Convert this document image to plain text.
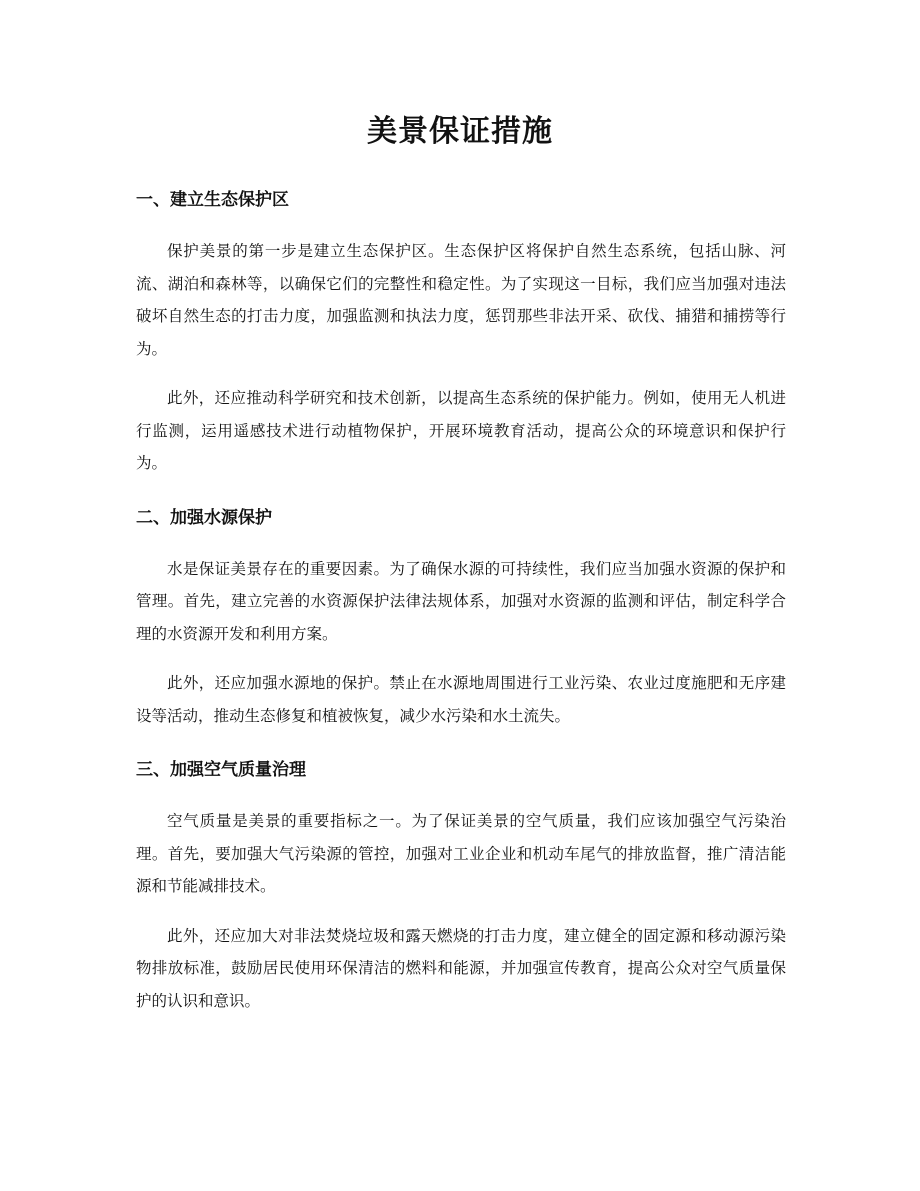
美景保证措施
一、建立生态保护区

保护美景的第一步是建立生态保护区。生态保护区将保护自然生态系统，包括山脉、河流、湖泊和森林等，以确保它们的完整性和稳定性。为了实现这一目标，我们应当加强对违法破坏自然生态的打击力度，加强监测和执法力度，惩罚那些非法开采、砍伐、捕猎和捕捞等行为。

此外，还应推动科学研究和技术创新，以提高生态系统的保护能力。例如，使用无人机进行监测，运用遥感技术进行动植物保护，开展环境教育活动，提高公众的环境意识和保护行为。

二、加强水源保护

水是保证美景存在的重要因素。为了确保水源的可持续性，我们应当加强水资源的保护和管理。首先，建立完善的水资源保护法律法规体系，加强对水资源的监测和评估，制定科学合理的水资源开发和利用方案。

此外，还应加强水源地的保护。禁止在水源地周围进行工业污染、农业过度施肥和无序建设等活动，推动生态修复和植被恢复，减少水污染和水土流失。

三、加强空气质量治理

空气质量是美景的重要指标之一。为了保证美景的空气质量，我们应该加强空气污染治理。首先，要加强大气污染源的管控，加强对工业企业和机动车尾气的排放监督，推广清洁能源和节能减排技术。

此外，还应加大对非法焚烧垃圾和露天燃烧的打击力度，建立健全的固定源和移动源污染物排放标准，鼓励居民使用环保清洁的燃料和能源，并加强宣传教育，提高公众对空气质量保护的认识和意识。
